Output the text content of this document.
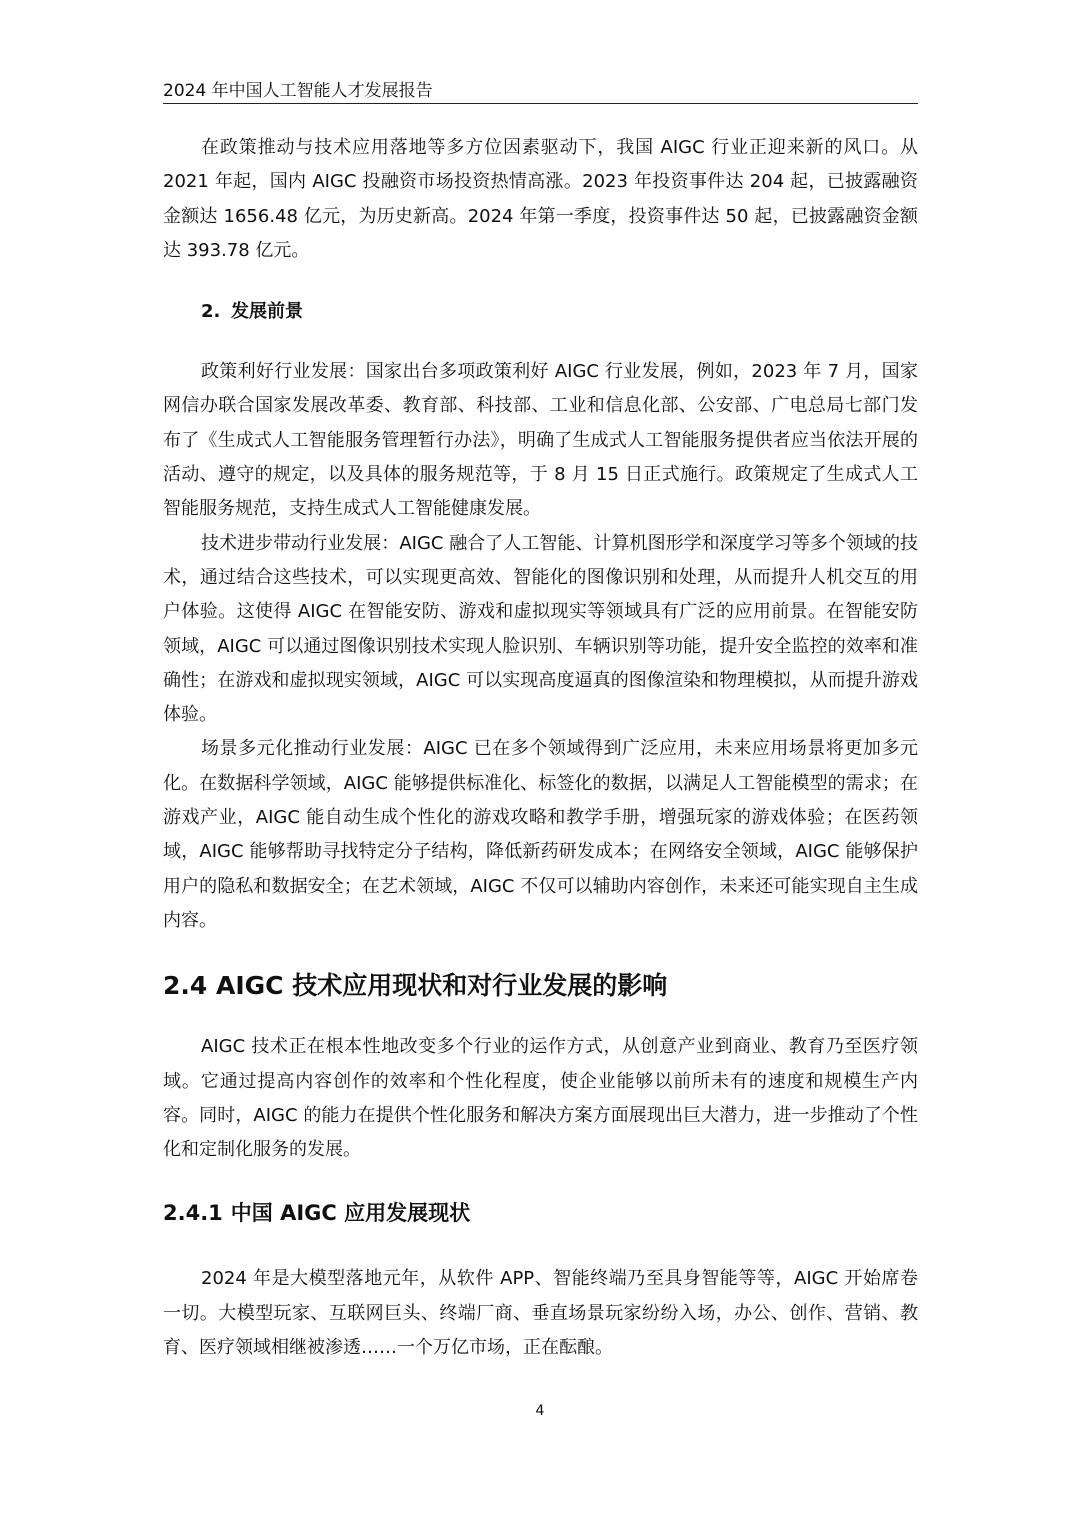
2024 年中国人工智能人才发展报告

在政策推动与技术应用落地等多方位因素驱动下，我国 AIGC 行业正迎来新的风口。从 2021 年起，国内 AIGC 投融资市场投资热情高涨。2023 年投资事件达 204 起，已披露融资金额达 1656.48 亿元，为历史新高。2024 年第一季度，投资事件达 50 起，已披露融资金额达 393.78 亿元。

2. 发展前景

政策利好行业发展：国家出台多项政策利好 AIGC 行业发展，例如，2023 年 7 月，国家网信办联合国家发展改革委、教育部、科技部、工业和信息化部、公安部、广电总局七部门发布了《生成式人工智能服务管理暂行办法》，明确了生成式人工智能服务提供者应当依法开展的活动、遵守的规定，以及具体的服务规范等，于 8 月 15 日正式施行。政策规定了生成式人工智能服务规范，支持生成式人工智能健康发展。

技术进步带动行业发展：AIGC 融合了人工智能、计算机图形学和深度学习等多个领域的技术，通过结合这些技术，可以实现更高效、智能化的图像识别和处理，从而提升人机交互的用户体验。这使得 AIGC 在智能安防、游戏和虚拟现实等领域具有广泛的应用前景。在智能安防领域，AIGC 可以通过图像识别技术实现人脸识别、车辆识别等功能，提升安全监控的效率和准确性；在游戏和虚拟现实领域，AIGC 可以实现高度逼真的图像渲染和物理模拟，从而提升游戏体验。

场景多元化推动行业发展：AIGC 已在多个领域得到广泛应用，未来应用场景将更加多元化。在数据科学领域，AIGC 能够提供标准化、标签化的数据，以满足人工智能模型的需求；在游戏产业，AIGC 能自动生成个性化的游戏攻略和教学手册，增强玩家的游戏体验；在医药领域，AIGC 能够帮助寻找特定分子结构，降低新药研发成本；在网络安全领域，AIGC 能够保护用户的隐私和数据安全；在艺术领域，AIGC 不仅可以辅助内容创作，未来还可能实现自主生成内容。

2.4 AIGC 技术应用现状和对行业发展的影响

AIGC 技术正在根本性地改变多个行业的运作方式，从创意产业到商业、教育乃至医疗领域。它通过提高内容创作的效率和个性化程度，使企业能够以前所未有的速度和规模生产内容。同时，AIGC 的能力在提供个性化服务和解决方案方面展现出巨大潜力，进一步推动了个性化和定制化服务的发展。

2.4.1 中国 AIGC 应用发展现状

2024 年是大模型落地元年，从软件 APP、智能终端乃至具身智能等等，AIGC 开始席卷一切。大模型玩家、互联网巨头、终端厂商、垂直场景玩家纷纷入场，办公、创作、营销、教育、医疗领域相继被渗透……一个万亿市场，正在酝酿。

4
